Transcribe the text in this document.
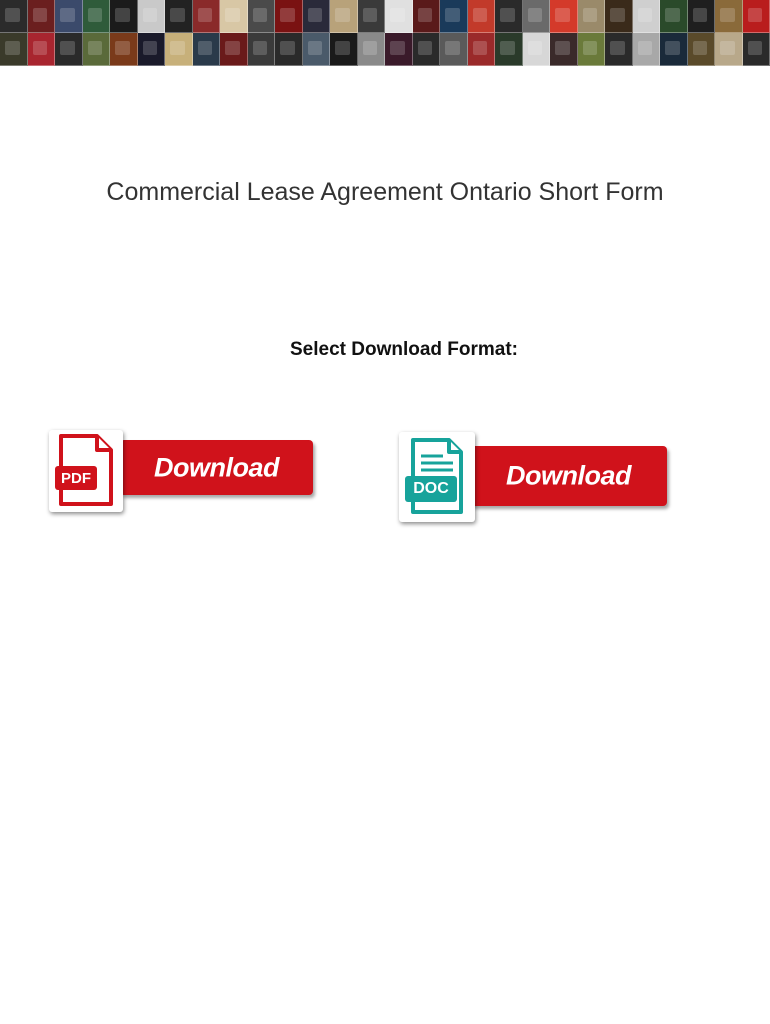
Commercial Lease Agreement Ontario Short Form
Select Download Format:
Download
PDF	Download
DOC
